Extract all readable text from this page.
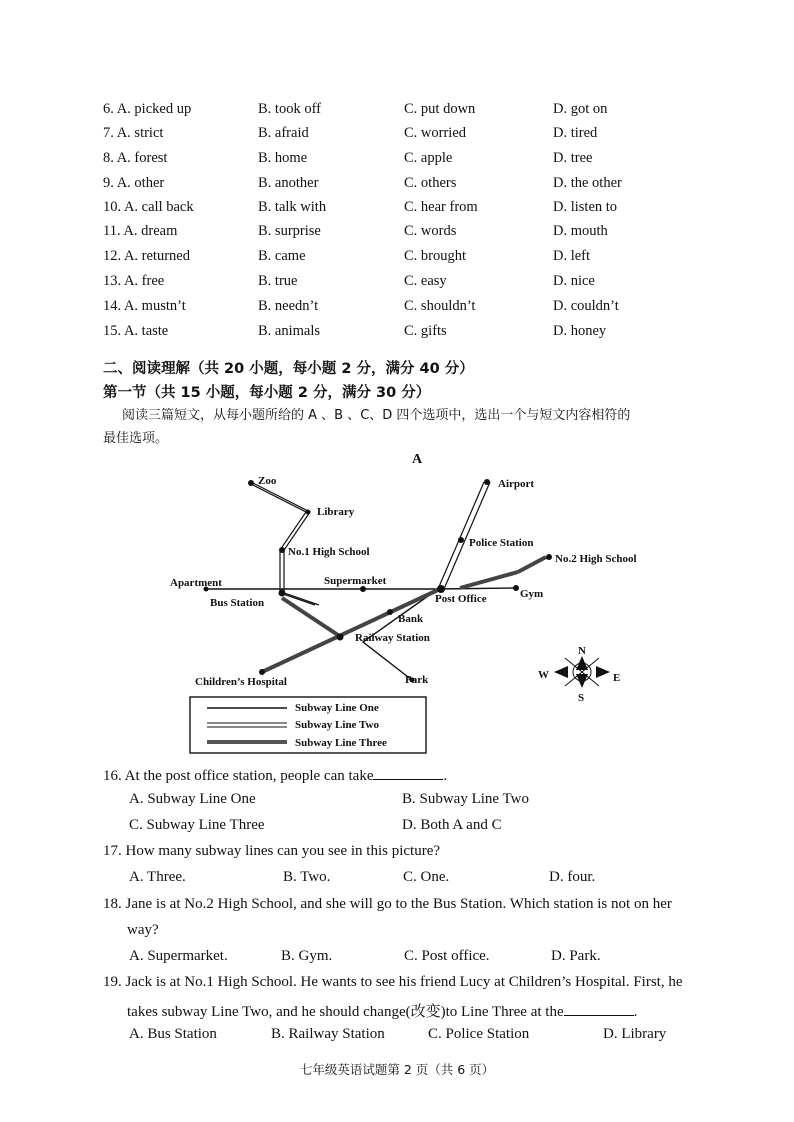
6. A. picked up	B. took off	C. put down	D. got on
7. A. strict	B. afraid	C. worried	D. tired
8. A. forest	B. home	C. apple	D. tree
9. A. other	B. another	C. others	D. the other
10. A. call back	B. talk with	C. hear from	D. listen to
11. A. dream	B. surprise	C. words	D. mouth
12. A. returned	B. came	C. brought	D. left
13. A. free	B. true	C. easy	D. nice
14. A. mustn’t	B. needn’t	C. shouldn’t	D. couldn’t
15. A. taste	B. animals	C. gifts	D. honey
二、阅读理解（共 20 小题，每小题 2 分，满分 40 分）
第一节（共 15 小题，每小题 2 分，满分 30 分）
阅读三篇短文，从每小题所给的 A 、B 、C、D 四个选项中，选出一个与短文内容相符的
最佳选项。
A
Zoo
Library
No.1 High School
Apartment
Bus Station
Supermarket
Airport
Police Station
No.2 High School
Post Office	Gym
Bank
Railway Station
Children’s Hospital	Park
N
S
E
W
Subway Line One
Subway Line Two
Subway Line Three
16. At the post office station, people can take	.
A. Subway Line One	B. Subway Line Two
C. Subway Line Three	D. Both A and C
17. How many subway lines can you see in this picture?
A. Three.	B. Two.	C. One.	D. four.
18. Jane is at No.2 High School, and she will go to the Bus Station. Which station is not on her
way?
A. Supermarket.	B. Gym.	C. Post office.	D. Park.
19. Jack is at No.1 High School. He wants to see his friend Lucy at Children’s Hospital. First, he
takes subway Line Two, and he should change(改变)to Line Three at the	.
A. Bus Station	B. Railway Station	C. Police Station	D. Library
七年级英语试题第 2 页（共 6 页）
